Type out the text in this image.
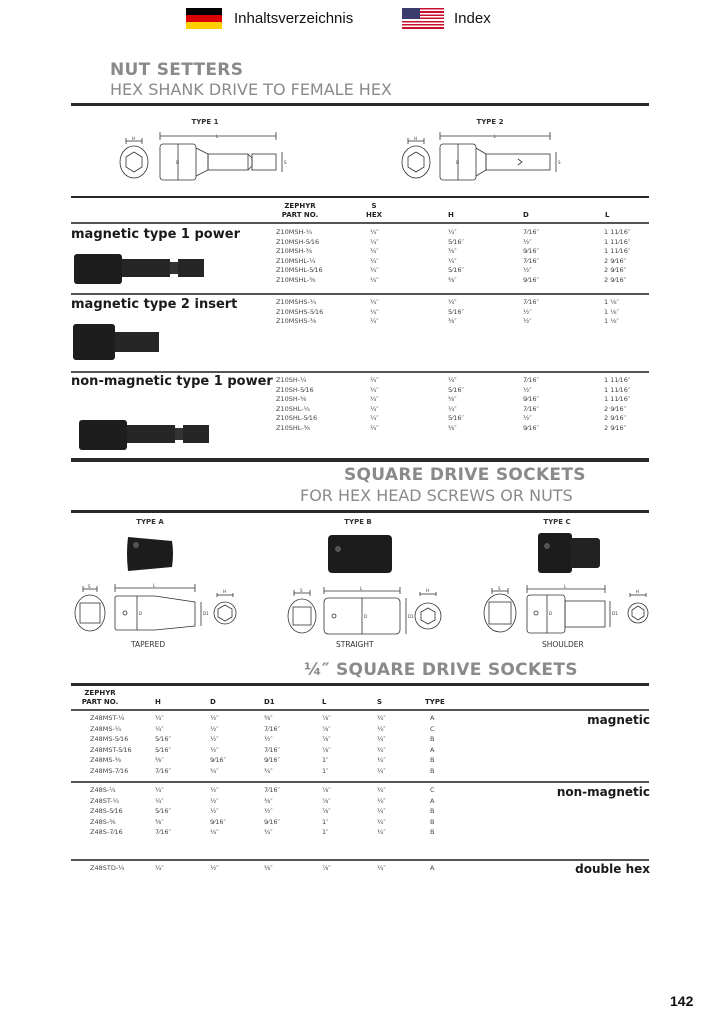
Inhaltsverzeichnis	Index
NUT SETTERS
HEX SHANK DRIVE TO FEMALE HEX
TYPE 1	TYPE 2
H	L
D	S
H	L
D	S
ZEPHYR
PART NO.
S
HEX	H	D	L
magnetic type 1 power	Z10MSH-¼	¼″	¼″	7⁄16″	1 11⁄16″
Z10MSH-5⁄16	¼″	5⁄16″	½″	1 11⁄16″
Z10MSH-⅜	¼″	⅜″	9⁄16″	1 11⁄16″
Z10MSHL-¼	¼″	¼″	7⁄16″	2 9⁄16″
Z10MSHL-5⁄16	¼″	5⁄16″	½″	2 9⁄16″
Z10MSHL-⅜	¼″	⅜″	9⁄16″	2 9⁄16″
magnetic type 2 insert	Z10MSHS-¼	¼″	¼″	7⁄16″	1 ⅛″
Z10MSHS-5⁄16	¼″	5⁄16″	½″	1 ⅛″
Z10MSHS-⅜	¼″	⅜″	½″	1 ⅛″
non-magnetic type 1 power Z10SH-¼	¼″	¼″	7⁄16″	1 11⁄16″
Z10SH-5⁄16	¼″	5⁄16″	½″	1 11⁄16″
Z10SH-⅜	¼″	⅜″	9⁄16″	1 11⁄16″
Z10SHL-¼	¼″	¼″	7⁄16″	2 9⁄16″
Z10SHL-5⁄16	¼″	5⁄16″	½″	2 9⁄16″
Z10SHL-⅜	¼″	⅜″	9⁄16″	2 9⁄16″
SQUARE DRIVE SOCKETS
FOR HEX HEAD SCREWS OR NUTS
TYPE A	TYPE B	TYPE C
S	L
D	D1
H	S	L
D	D1
H	S	L
D	D1
H
TAPERED	STRAIGHT	SHOULDER
¼″ SQUARE DRIVE SOCKETS
ZEPHYR
PART NO.	H	D	D1	L	S	TYPE
magnetic
Z48MST-¼	¼″	½″	⅜″	⅞″	¼″	A
Z48MS-¼	¼″	½″	7⁄16″	⅞″	¼″	C
Z48MS-5⁄16	5⁄16″	½″	½″	⅞″	¼″	B
Z48MST-5⁄16	5⁄16″	½″	7⁄16″	⅞″	¼″	A
Z48MS-⅜	⅜″	9⁄16″	9⁄16″	1″	¼″	B
Z48MS-7⁄16	7⁄16″	¾″	¾″	1″	¼″	B
non-magnetic
Z48S-¼	¼″	½″	7⁄16″	⅞″	¼″	C
Z48ST-¼	¼″	½″	⅜″	⅞″	¼″	A
Z48S-5⁄16	5⁄16″	½″	½″	⅞″	¼″	B
Z48S-⅜	⅜″	9⁄16″	9⁄16″	1″	¼″	B
Z48S-7⁄16	7⁄16″	¾″	¾″	1″	¼″	B
double hex
Z48STD-¼	¼″	½″	⅜″	⅞″	¼″	A
142
